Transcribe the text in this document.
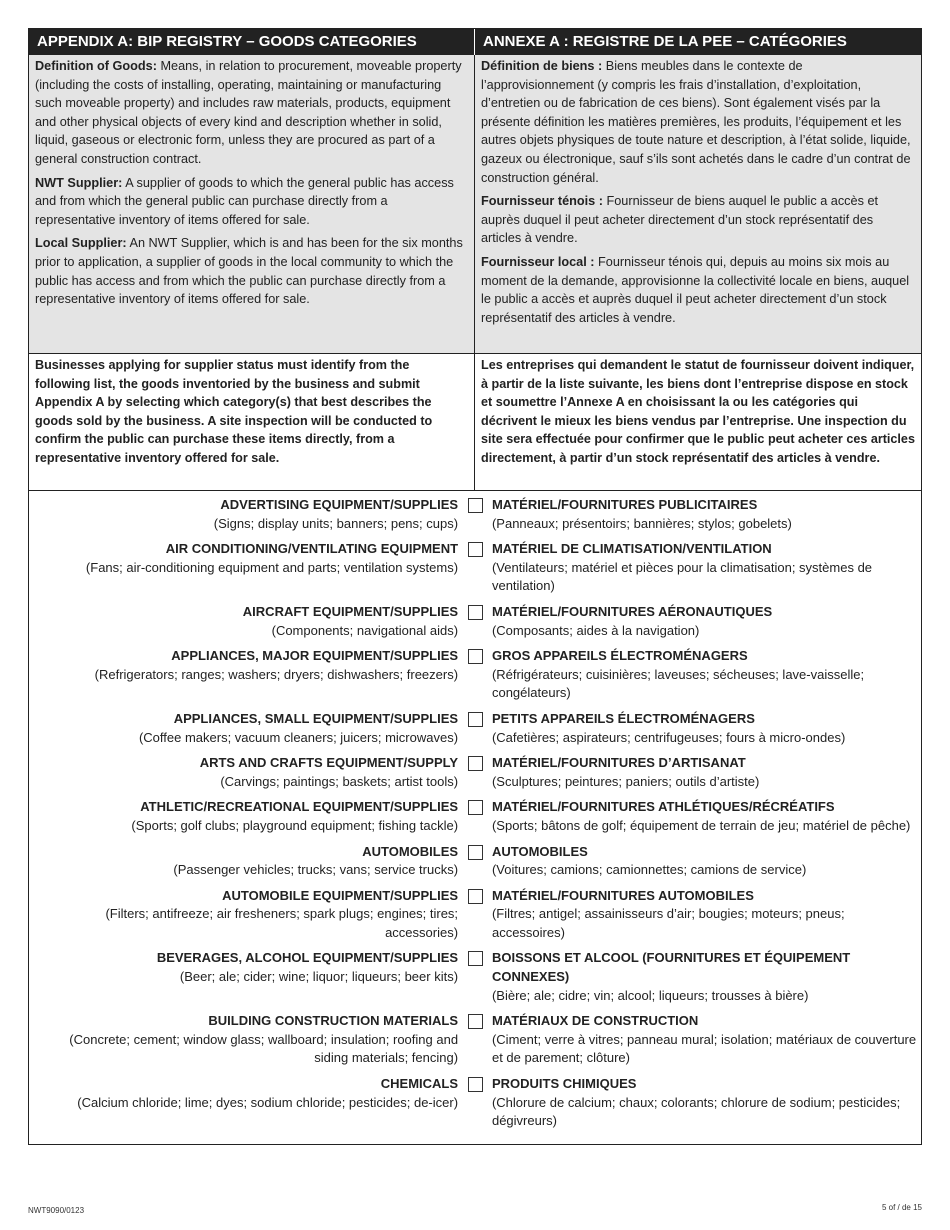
APPENDIX A: BIP REGISTRY – GOODS CATEGORIES	ANNEXE A : REGISTRE DE LA PEE – CATÉGORIES

Definition of Goods: Means, in relation to procurement, moveable property (including the costs of installing, operating, maintaining or manufacturing such moveable property) and includes raw materials, products, equipment and other physical objects of every kind and description whether in solid, liquid, gaseous or electronic form, unless they are procured as part of a general construction contract.

NWT Supplier: A supplier of goods to which the general public has access and from which the general public can purchase directly from a representative inventory of items offered for sale.

Local Supplier: An NWT Supplier, which is and has been for the six months prior to application, a supplier of goods in the local community to which the public has access and from which the public can purchase directly from a representative inventory of items offered for sale.

Définition de biens : Biens meubles dans le contexte de l’approvisionnement (y compris les frais d’installation, d’exploitation, d’entretien ou de fabrication de ces biens). Sont également visés par la présente définition les matières premières, les produits, l’équipement et les autres objets physiques de toute nature et description, à l’état solide, liquide, gazeux ou électronique, sauf s’ils sont achetés dans le cadre d’un contrat de construction général.

Fournisseur ténois : Fournisseur de biens auquel le public a accès et auprès duquel il peut acheter directement d’un stock représentatif des articles à vendre.

Fournisseur local : Fournisseur ténois qui, depuis au moins six mois au moment de la demande, approvisionne la collectivité locale en biens, auquel le public a accès et auprès duquel il peut acheter directement d’un stock représentatif des articles à vendre.

Businesses applying for supplier status must identify from the following list, the goods inventoried by the business and submit Appendix A by selecting which category(s) that best describes the goods sold by the business. A site inspection will be conducted to confirm the public can purchase these items directly, from a representative inventory offered for sale.
Les entreprises qui demandent le statut de fournisseur doivent indiquer, à partir de la liste suivante, les biens dont l’entreprise dispose en stock et soumettre l’Annexe A en choisissant la ou les catégories qui décrivent le mieux les biens vendus par l’entreprise. Une inspection du site sera effectuée pour confirmer que le public peut acheter ces articles directement, à partir d’un stock représentatif des articles à vendre.
ADVERTISING EQUIPMENT/SUPPLIES
(Signs; display units; banners; pens; cups)
MATÉRIEL/FOURNITURES PUBLICITAIRES
(Panneaux; présentoirs; bannières; stylos; gobelets)
AIR CONDITIONING/VENTILATING EQUIPMENT
(Fans; air-conditioning equipment and parts; ventilation systems)
MATÉRIEL DE CLIMATISATION/VENTILATION
(Ventilateurs; matériel et pièces pour la climatisation; systèmes de ventilation)
AIRCRAFT EQUIPMENT/SUPPLIES
(Components; navigational aids)
MATÉRIEL/FOURNITURES AÉRONAUTIQUES
(Composants; aides à la navigation)
APPLIANCES, MAJOR EQUIPMENT/SUPPLIES
(Refrigerators; ranges; washers; dryers; dishwashers; freezers)
GROS APPAREILS ÉLECTROMÉNAGERS
(Réfrigérateurs; cuisinières; laveuses; sécheuses; lave-vaisselle; congélateurs)
APPLIANCES, SMALL EQUIPMENT/SUPPLIES
(Coffee makers; vacuum cleaners; juicers; microwaves)
PETITS APPAREILS ÉLECTROMÉNAGERS
(Cafetières; aspirateurs; centrifugeuses; fours à micro-ondes)
ARTS AND CRAFTS EQUIPMENT/SUPPLY
(Carvings; paintings; baskets; artist tools)
MATÉRIEL/FOURNITURES D’ARTISANAT
(Sculptures; peintures; paniers; outils d’artiste)
ATHLETIC/RECREATIONAL EQUIPMENT/SUPPLIES
(Sports; golf clubs; playground equipment; fishing tackle)
MATÉRIEL/FOURNITURES ATHLÉTIQUES/RÉCRÉATIFS
(Sports; bâtons de golf; équipement de terrain de jeu; matériel de pêche)
AUTOMOBILES
(Passenger vehicles; trucks; vans; service trucks)
AUTOMOBILES
(Voitures; camions; camionnettes; camions de service)
AUTOMOBILE EQUIPMENT/SUPPLIES
(Filters; antifreeze; air fresheners; spark plugs; engines; tires; accessories)
MATÉRIEL/FOURNITURES AUTOMOBILES
(Filtres; antigel; assainisseurs d’air; bougies; moteurs; pneus; accessoires)
BEVERAGES, ALCOHOL EQUIPMENT/SUPPLIES
(Beer; ale; cider; wine; liquor; liqueurs; beer kits)
BOISSONS ET ALCOOL (FOURNITURES ET ÉQUIPEMENT CONNEXES)
(Bière; ale; cidre; vin; alcool; liqueurs; trousses à bière)
BUILDING CONSTRUCTION MATERIALS
(Concrete; cement; window glass; wallboard; insulation; roofing and siding materials; fencing)
MATÉRIAUX DE CONSTRUCTION
(Ciment; verre à vitres; panneau mural; isolation; matériaux de couverture et de parement; clôture)
CHEMICALS
(Calcium chloride; lime; dyes; sodium chloride; pesticides; de-icer)
PRODUITS CHIMIQUES
(Chlorure de calcium; chaux; colorants; chlorure de sodium; pesticides; dégivreurs)
NWT9090/0123	5 of / de 15
